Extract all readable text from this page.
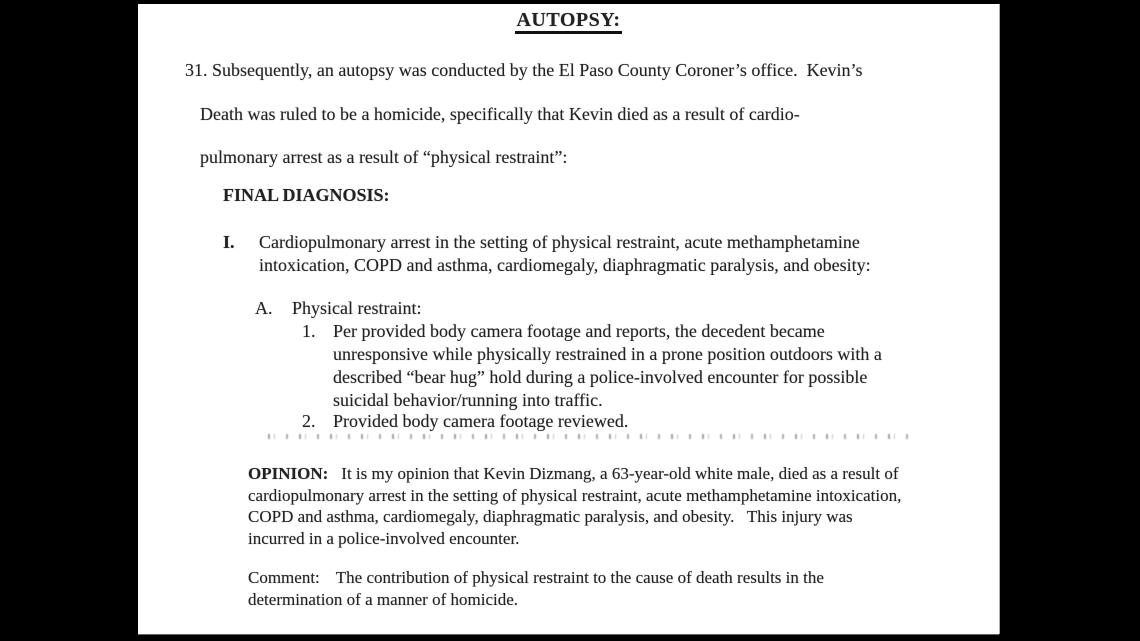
AUTOPSY:
31. Subsequently, an autopsy was conducted by the El Paso County Coroner’s office.  Kevin’s
Death was ruled to be a homicide, specifically that Kevin died as a result of cardio-
pulmonary arrest as a result of “physical restraint”:
FINAL DIAGNOSIS:
I. Cardiopulmonary arrest in the setting of physical restraint, acute methamphetamine
intoxication, COPD and asthma, cardiomegaly, diaphragmatic paralysis, and obesity:
A. Physical restraint:
1. Per provided body camera footage and reports, the decedent became
unresponsive while physically restrained in a prone position outdoors with a
described “bear hug” hold during a police-involved encounter for possible
suicidal behavior/running into traffic.
2. Provided body camera footage reviewed.
OPINION: It is my opinion that Kevin Dizmang, a 63-year-old white male, died as a result of
cardiopulmonary arrest in the setting of physical restraint, acute methamphetamine intoxication,
COPD and asthma, cardiomegaly, diaphragmatic paralysis, and obesity.   This injury was
incurred in a police-involved encounter.
Comment: The contribution of physical restraint to the cause of death results in the
determination of a manner of homicide.
